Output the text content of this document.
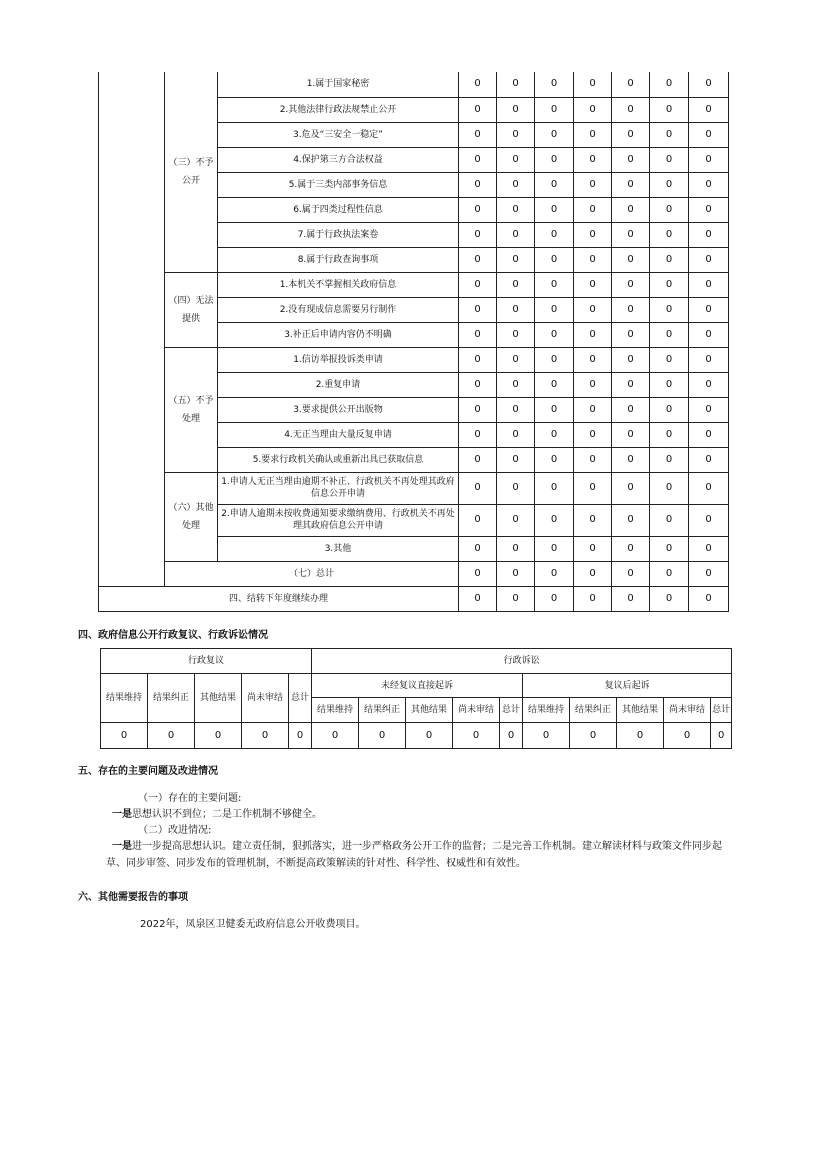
	（三）不予公开	1.属于国家秘密	0	0	0	0	0	0	0
		2.其他法律行政法规禁止公开	0	0	0	0	0	0	0
		3.危及“三安全一稳定”	0	0	0	0	0	0	0
		4.保护第三方合法权益	0	0	0	0	0	0	0
		5.属于三类内部事务信息	0	0	0	0	0	0	0
		6.属于四类过程性信息	0	0	0	0	0	0	0
		7.属于行政执法案卷	0	0	0	0	0	0	0
		8.属于行政查询事项	0	0	0	0	0	0	0
	（四）无法提供	1.本机关不掌握相关政府信息	0	0	0	0	0	0	0
		2.没有现成信息需要另行制作	0	0	0	0	0	0	0
		3.补正后申请内容仍不明确	0	0	0	0	0	0	0
	（五）不予处理	1.信访举报投诉类申请	0	0	0	0	0	0	0
		2.重复申请	0	0	0	0	0	0	0
		3.要求提供公开出版物	0	0	0	0	0	0	0
		4.无正当理由大量反复申请	0	0	0	0	0	0	0
		5.要求行政机关确认或重新出具已获取信息	0	0	0	0	0	0	0
	（六）其他处理	1.申请人无正当理由逾期不补正、行政机关不再处理其政府信息公开申请	0	0	0	0	0	0	0
		2.申请人逾期未按收费通知要求缴纳费用、行政机关不再处理其政府信息公开申请	0	0	0	0	0	0	0
		3.其他	0	0	0	0	0	0	0
	（七）总计		0	0	0	0	0	0	0
四、结转下年度继续办理			0	0	0	0	0	0	0
四、政府信息公开行政复议、行政诉讼情况
行政复议					行政诉讼									
结果维持	结果纠正	其他结果	尚未审结	总计	未经复议直接起诉					复议后起诉				
					结果维持	结果纠正	其他结果	尚未审结	总计	结果维持	结果纠正	其他结果	尚未审结	总计
0	0	0	0	0	0	0	0	0	0	0	0	0	0	0
五、存在的主要问题及改进情况
（一）存在的主要问题:
一是思想认识不到位；二是工作机制不够健全。
（二）改进情况:
一是进一步提高思想认识。建立责任制，狠抓落实，进一步严格政务公开工作的监督；二是完善工作机制。建立解读材料与政策文件同步起草、同步审签、同步发布的管理机制，不断提高政策解读的针对性、科学性、权威性和有效性。
六、其他需要报告的事项
2022年，凤泉区卫健委无政府信息公开收费项目。
